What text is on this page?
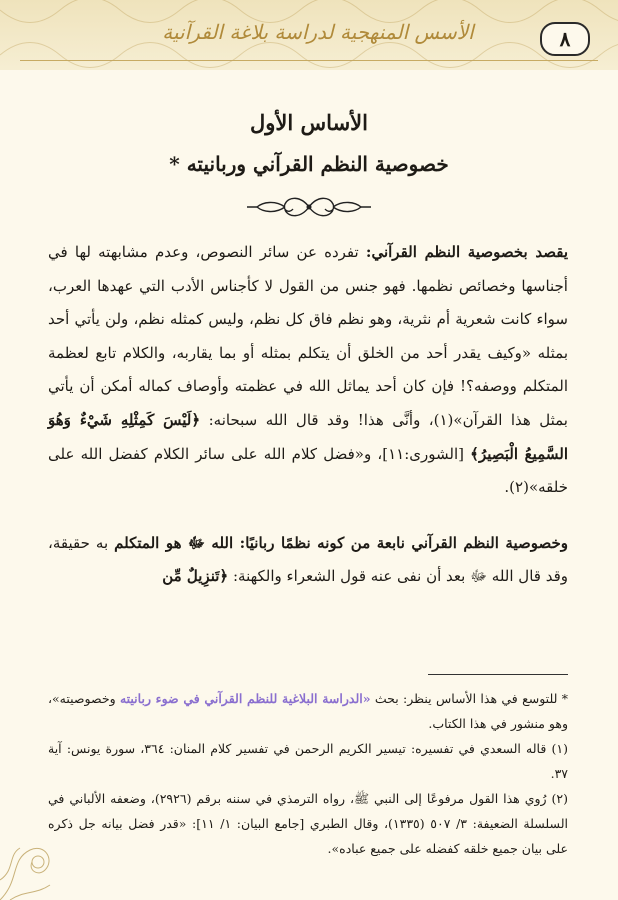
الأسس المنهجية لدراسة بلاغة القرآنية	٨
الأساس الأول
خصوصية النظم القرآني وربانيته *

يقصد بخصوصية النظم القرآني: تفرده عن سائر النصوص، وعدم مشابهته لها في أجناسها وخصائص نظمها. فهو جنس من القول لا كأجناس الأدب التي عهدها العرب، سواء كانت شعرية أم نثرية، وهو نظم فاق كل نظم، وليس كمثله نظم، ولن يأتي أحد بمثله «وكيف يقدر أحد من الخلق أن يتكلم بمثله أو بما يقاربه، والكلام تابع لعظمة المتكلم ووصفه؟! فإن كان أحد يماثل الله في عظمته وأوصاف كماله أمكن أن يأتي بمثل هذا القرآن»(١)، وأنَّى هذا! وقد قال الله سبحانه: ﴿لَيْسَ كَمِثْلِهِ شَيْءٌ وَهُوَ السَّمِيعُ الْبَصِيرُ﴾ [الشورى:١١]، و«فضل كلام الله على سائر الكلام كفضل الله على خلقه»(٢).

وخصوصية النظم القرآني نابعة من كونه نظمًا ربانيًا: الله ﷻ هو المتكلم به حقيقة، وقد قال الله ﷻ بعد أن نفى عنه قول الشعراء والكهنة: ﴿تَنزِيلٌ مِّن

* للتوسع في هذا الأساس ينظر: بحث «الدراسة البلاغية للنظم القرآني في ضوء ربانيته وخصوصيته»، وهو منشور في هذا الكتاب.

(١) قاله السعدي في تفسيره: تيسير الكريم الرحمن في تفسير كلام المنان: ٣٦٤، سورة يونس: آية ٣٧.

(٢) رُوي هذا القول مرفوعًا إلى النبي ﷺ، رواه الترمذي في سننه برقم (٢٩٢٦)، وضعفه الألباني في السلسلة الضعيفة: ٣/ ٥٠٧ (١٣٣٥)، وقال الطبري [جامع البيان: ١/ ١١]: «قدر فضل بيانه جل ذكره على بيان جميع خلقه كفضله على جميع عباده».
